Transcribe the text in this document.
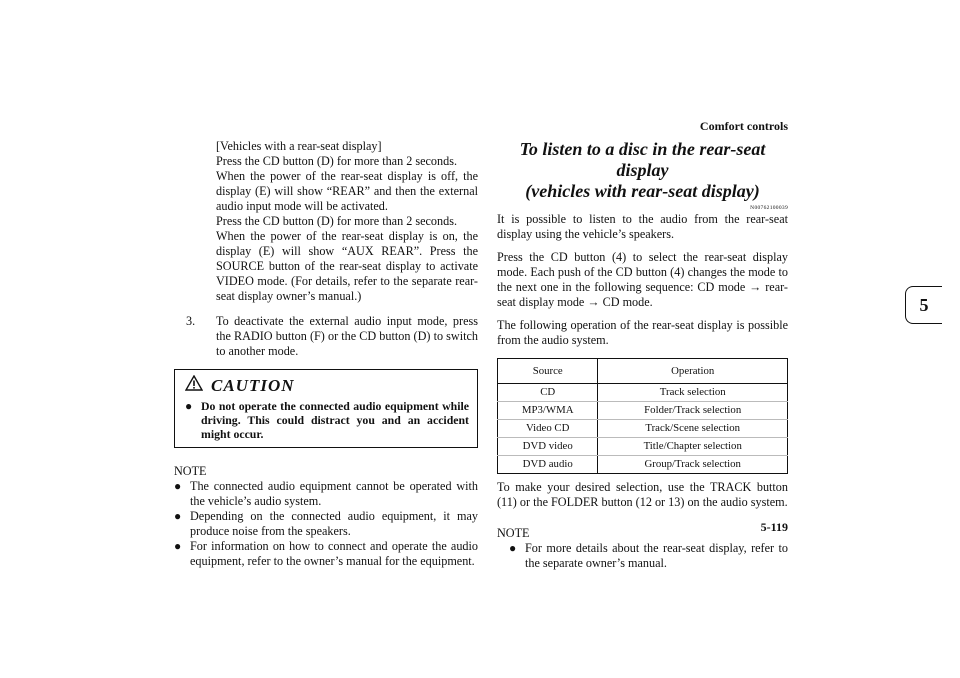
Comfort controls
5
5-119

[Vehicles with a rear-seat display]

Press the CD button (D) for more than 2 seconds.

When the power of the rear-seat display is off, the display (E) will show “REAR” and then the external audio input mode will be activated.

Press the CD button (D) for more than 2 seconds.

When the power of the rear-seat display is on, the display (E) will show “AUX REAR”. Press the SOURCE button of the rear-seat display to activate VIDEO mode. (For details, refer to the separate rear-seat display owner’s manual.)

3.	To deactivate the external audio input mode, press the RADIO button (F) or the CD button (D) to switch to another mode.

CAUTION
● Do not operate the connected audio equipment while driving. This could distract you and an accident might occur.

NOTE

● The connected audio equipment cannot be operated with the vehicle’s audio system.
● Depending on the connected audio equipment, it may produce noise from the speakers.
● For information on how to connect and operate the audio equipment, refer to the owner’s manual for the equipment.

To listen to a disc in the rear-seat display
(vehicles with rear-seat display)

N00762100039

It is possible to listen to the audio from the rear-seat display using the vehicle’s speakers.

Press the CD button (4) to select the rear-seat display mode. Each push of the CD button (4) changes the mode to the next one in the following sequence: CD mode → rear-seat display mode → CD mode.

The following operation of the rear-seat display is possible from the audio system.

Source	Operation
CD	Track selection
MP3/WMA	Folder/Track selection
Video CD	Track/Scene selection
DVD video	Title/Chapter selection
DVD audio	Group/Track selection

To make your desired selection, use the TRACK button (11) or the FOLDER button (12 or 13) on the audio system.

NOTE

● For more details about the rear-seat display, refer to the separate owner’s manual.
